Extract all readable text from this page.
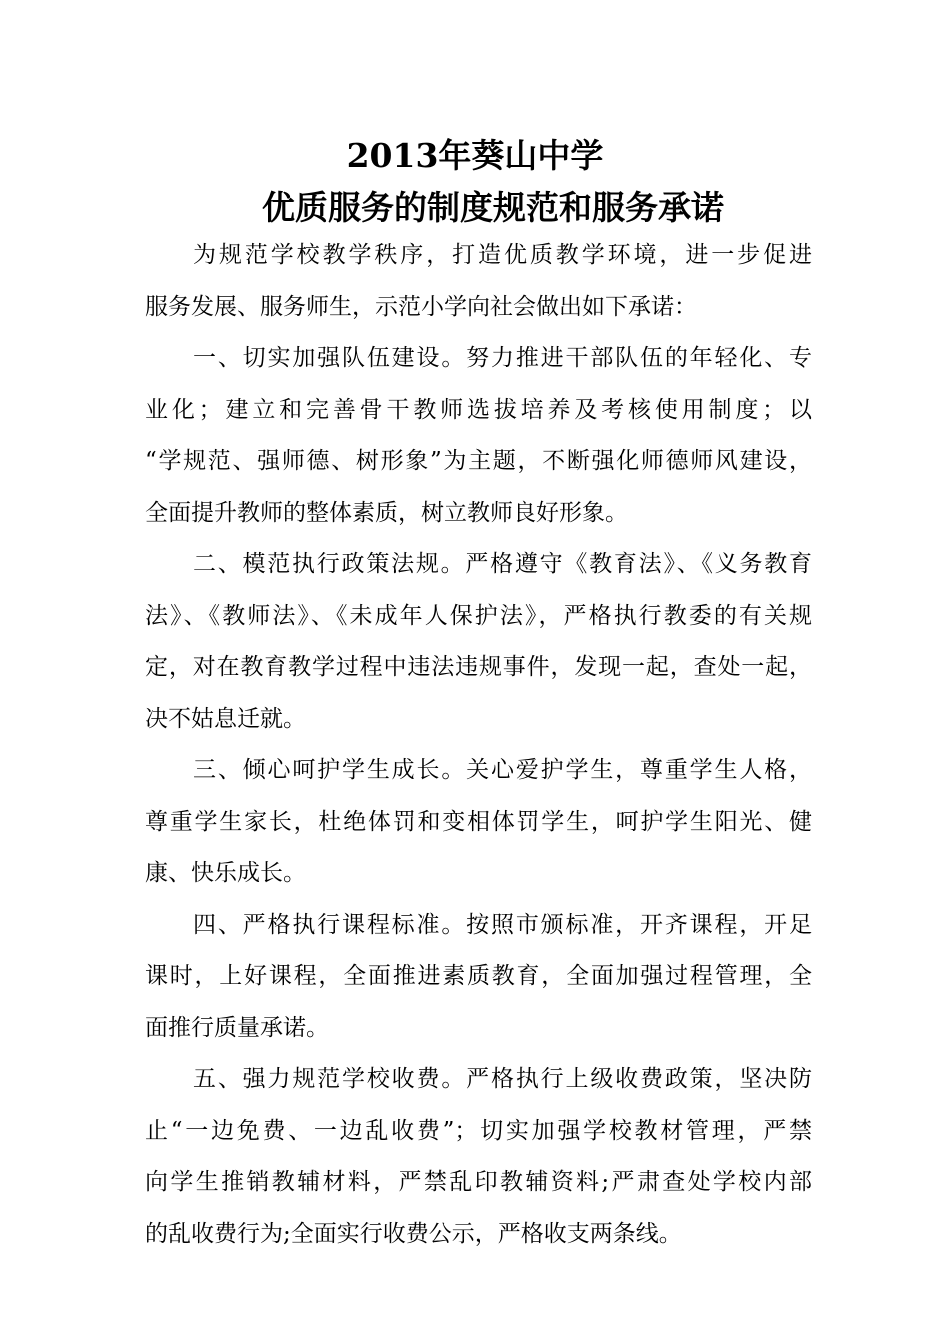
2013年葵山中学
优质服务的制度规范和服务承诺
为规范学校教学秩序，打造优质教学环境，进一步促进
服务发展、服务师生，示范小学向社会做出如下承诺：
一、切实加强队伍建设。努力推进干部队伍的年轻化、专
业化；建立和完善骨干教师选拔培养及考核使用制度；以
“学规范、强师德、树形象”为主题，不断强化师德师风建设，
全面提升教师的整体素质，树立教师良好形象。
二、模范执行政策法规。严格遵守《教育法》、《义务教育
法》、《教师法》、《未成年人保护法》，严格执行教委的有关规
定，对在教育教学过程中违法违规事件，发现一起，查处一起，
决不姑息迁就。
三、倾心呵护学生成长。关心爱护学生，尊重学生人格，
尊重学生家长，杜绝体罚和变相体罚学生，呵护学生阳光、健
康、快乐成长。
四、严格执行课程标准。按照市颁标准，开齐课程，开足
课时，上好课程，全面推进素质教育，全面加强过程管理，全
面推行质量承诺。
五、强力规范学校收费。严格执行上级收费政策，坚决防
止“一边免费、一边乱收费”；切实加强学校教材管理，严禁
向学生推销教辅材料，严禁乱印教辅资料;严肃查处学校内部
的乱收费行为;全面实行收费公示，严格收支两条线。
